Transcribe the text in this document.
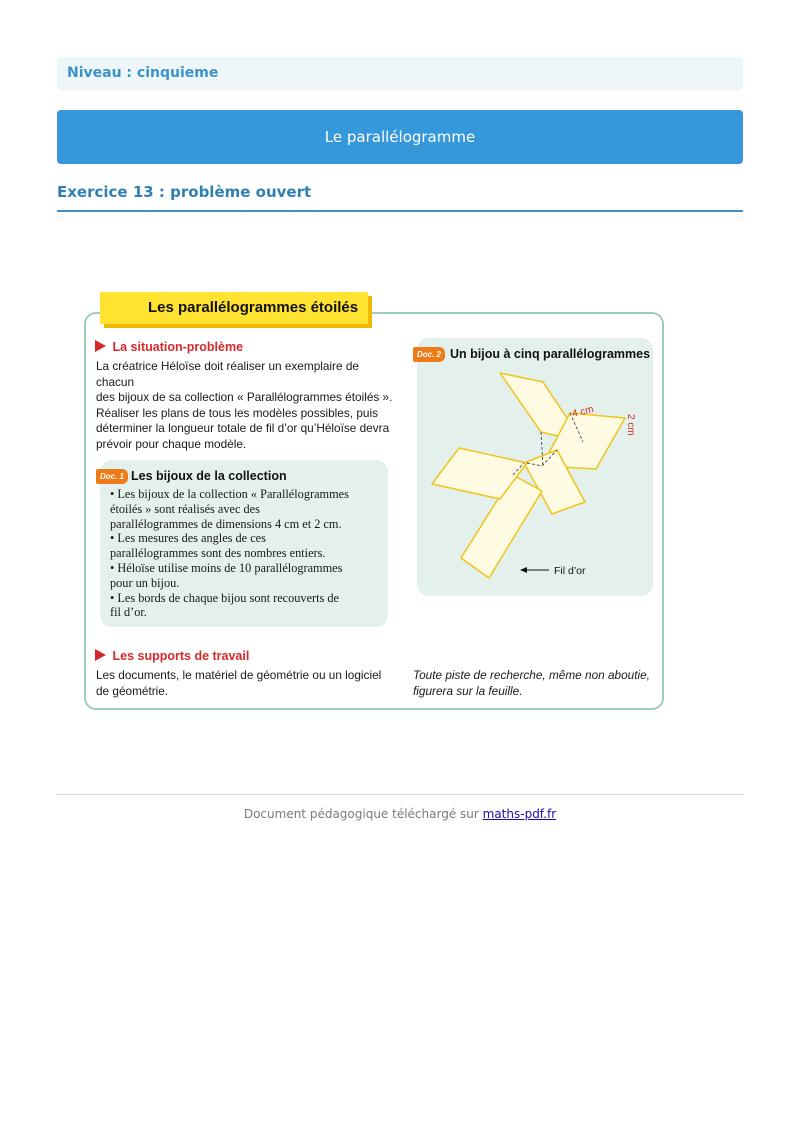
Niveau : cinquieme
Le parallélogramme
Exercice 13 : problème ouvert
Les parallélogrammes étoilés
La situation-problème
La créatrice Héloïse doit réaliser un exemplaire de chacun
des bijoux de sa collection « Parallélogrammes étoilés ».
Réaliser les plans de tous les modèles possibles, puis
déterminer la longueur totale de fil d’or qu’Héloïse devra
prévoir pour chaque modèle.
Doc. 1 Les bijoux de la collection
• Les bijoux de la collection « Parallélogrammes
étoilés » sont réalisés avec des
parallélogrammes de dimensions 4 cm et 2 cm.
• Les mesures des angles de ces
parallélogrammes sont des nombres entiers.
• Héloïse utilise moins de 10 parallélogrammes
pour un bijou.
• Les bords de chaque bijou sont recouverts de
fil d’or.
Doc. 2 Un bijou à cinq parallélogrammes
4 cm
2 cm
Fil d’or
Les supports de travail
Les documents, le matériel de géométrie ou un logiciel
de géométrie.
Toute piste de recherche, même non aboutie,
figurera sur la feuille.
Document pédagogique téléchargé sur maths-pdf.fr
